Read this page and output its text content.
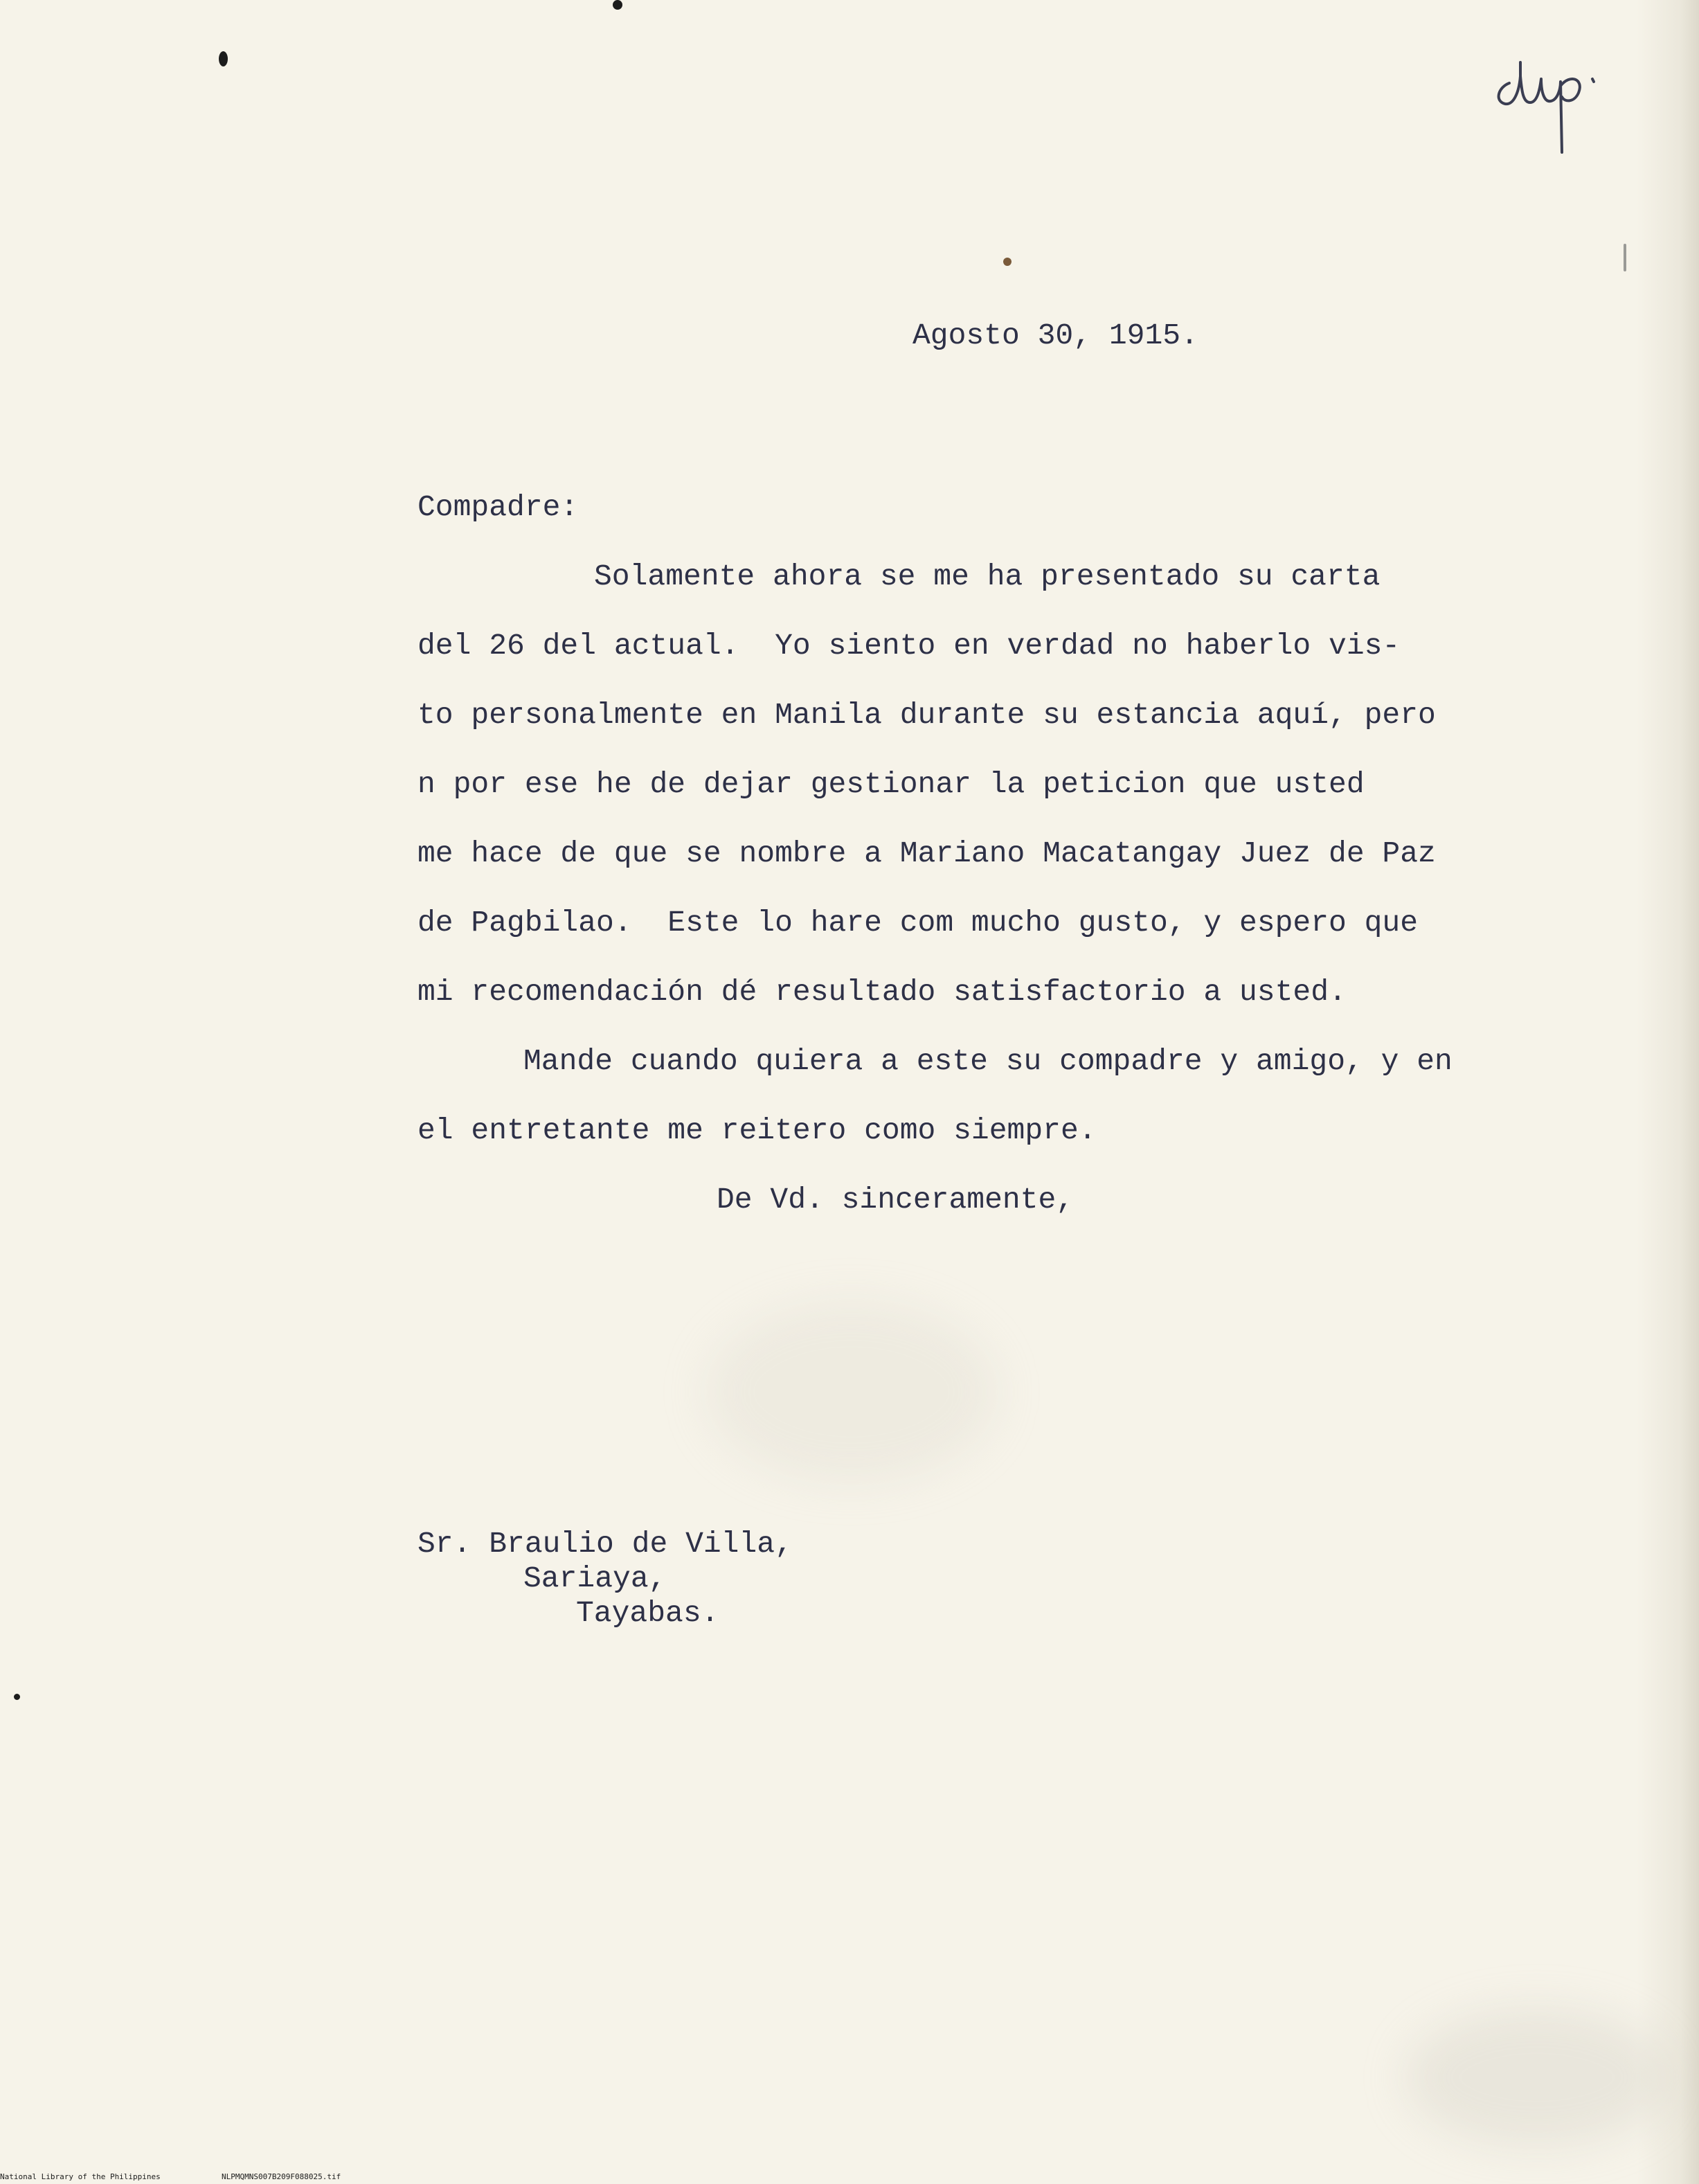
Agosto 30, 1915.

Compadre:

Solamente ahora se me ha presentado su carta

del 26 del actual.  Yo siento en verdad no haberlo vis-

to personalmente en Manila durante su estancia aquí, pero

n por ese he de dejar gestionar la peticion que usted

me hace de que se nombre a Mariano Macatangay Juez de Paz

de Pagbilao.  Este lo hare com mucho gusto, y espero que

mi recomendación dé resultado satisfactorio a usted.

Mande cuando quiera a este su compadre y amigo, y en

el entretante me reitero como siempre.

De Vd. sinceramente,

Sr. Braulio de Villa,

Sariaya,

Tayabas.

National Library of the Philippines

	NLPMQMNS007B209F088025.tif
